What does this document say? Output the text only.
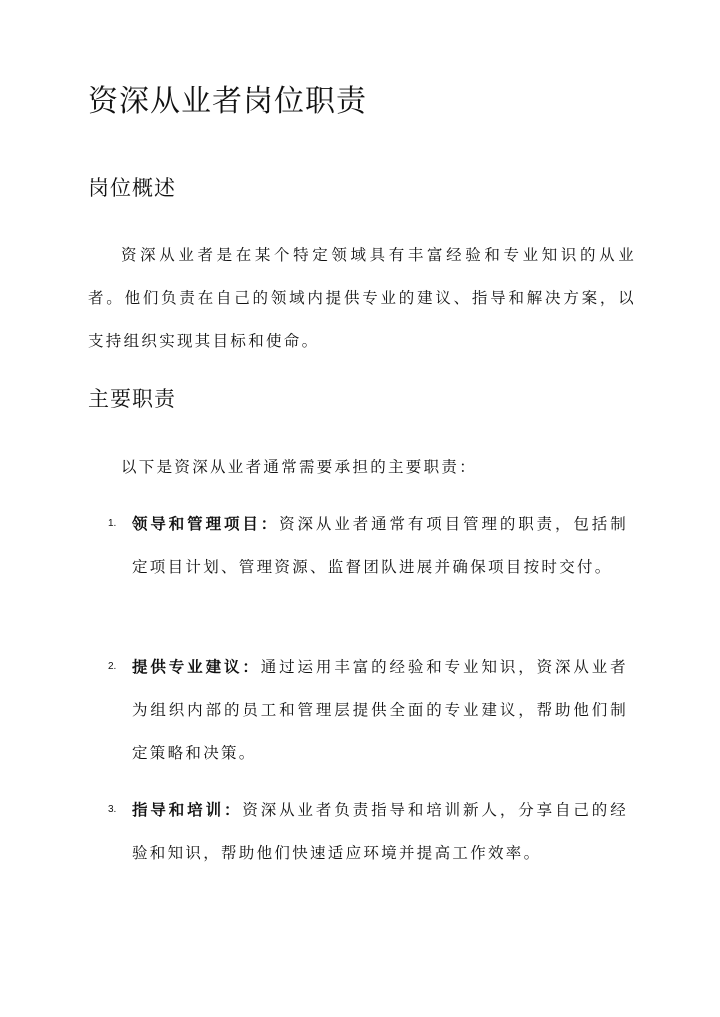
资深从业者岗位职责
岗位概述

资深从业者是在某个特定领域具有丰富经验和专业知识的从业者。他们负责在自己的领域内提供专业的建议、指导和解决方案，以支持组织实现其目标和使命。

主要职责

以下是资深从业者通常需要承担的主要职责：

1. 领导和管理项目：资深从业者通常有项目管理的职责，包括制定项目计划、管理资源、监督团队进展并确保项目按时交付。

2. 提供专业建议：通过运用丰富的经验和专业知识，资深从业者为组织内部的员工和管理层提供全面的专业建议，帮助他们制定策略和决策。

3. 指导和培训：资深从业者负责指导和培训新人，分享自己的经验和知识，帮助他们快速适应环境并提高工作效率。
